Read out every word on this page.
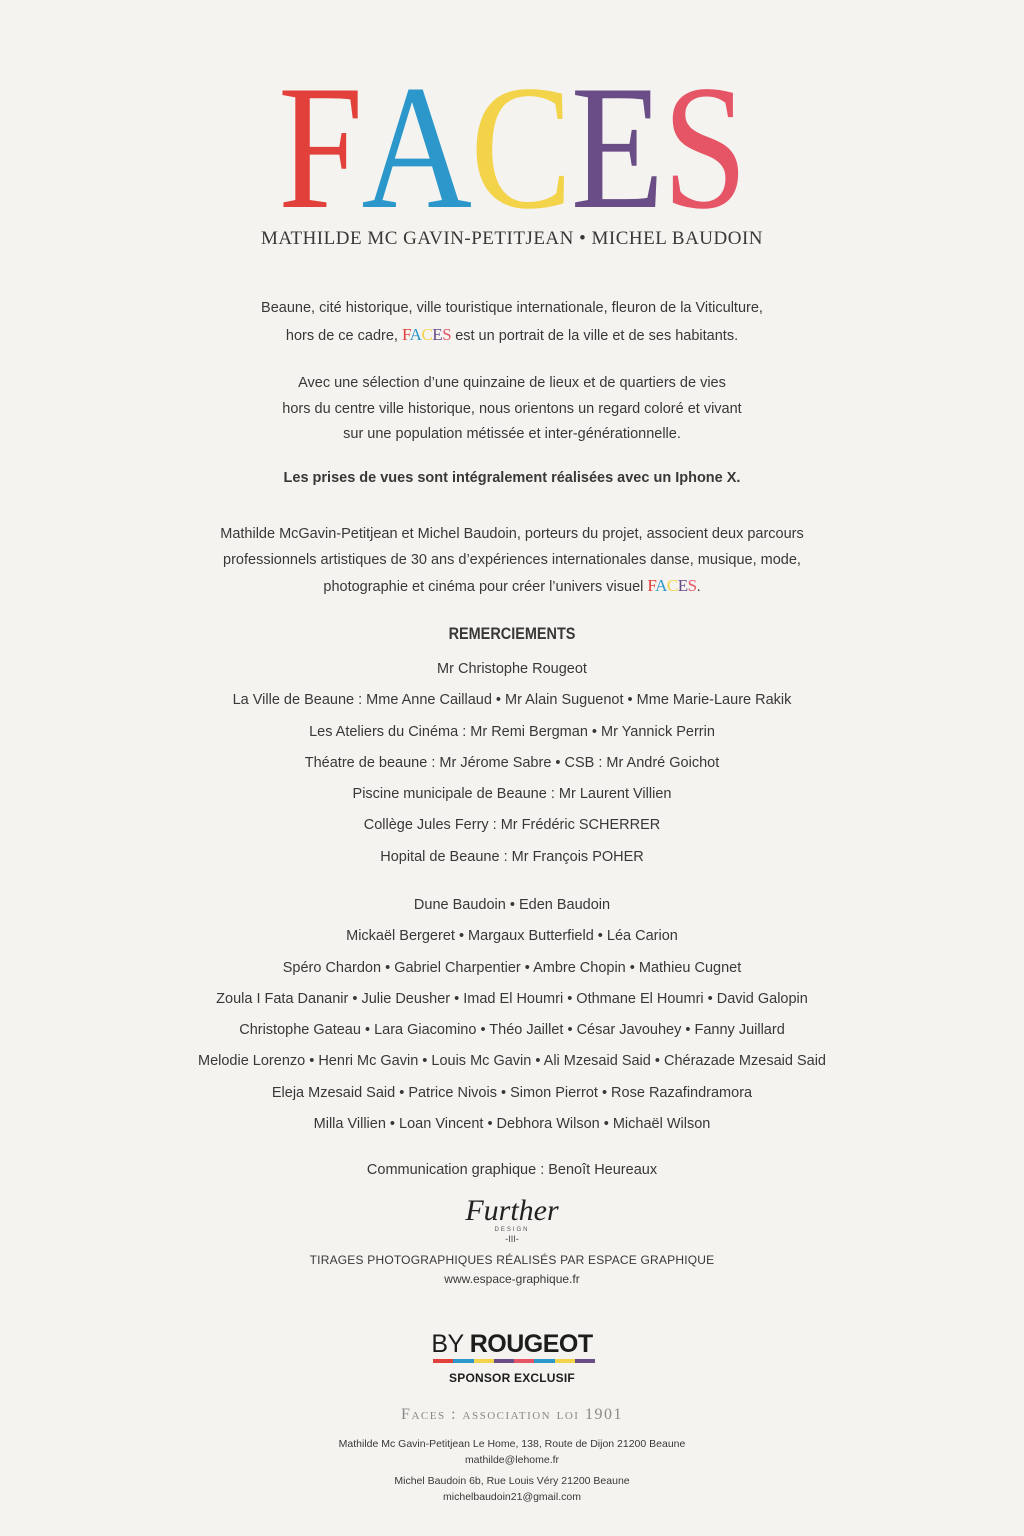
FACES
MATHILDE MC GAVIN-PETITJEAN • MICHEL BAUDOIN
Beaune, cité historique, ville touristique internationale, fleuron de la Viticulture,
hors de ce cadre, FACES est un portrait de la ville et de ses habitants.
Avec une sélection d’une quinzaine de lieux et de quartiers de vies
hors du centre ville historique, nous orientons un regard coloré et vivant
sur une population métissée et inter-générationnelle.
Les prises de vues sont intégralement réalisées avec un Iphone X.
Mathilde McGavin-Petitjean et Michel Baudoin, porteurs du projet, associent deux parcours
professionnels artistiques de 30 ans d’expériences internationales danse, musique, mode,
photographie et cinéma pour créer l’univers visuel FACES.
REMERCIEMENTS
Mr Christophe Rougeot
La Ville de Beaune : Mme Anne Caillaud • Mr Alain Suguenot • Mme Marie-Laure Rakik
Les Ateliers du Cinéma : Mr Remi Bergman • Mr Yannick Perrin
Théatre de beaune : Mr Jérome Sabre • CSB : Mr André Goichot
Piscine municipale de Beaune : Mr Laurent Villien
Collège Jules Ferry : Mr Frédéric SCHERRER
Hopital de Beaune : Mr François POHER
Dune Baudoin • Eden Baudoin
Mickaël Bergeret • Margaux Butterfield • Léa Carion
Spéro Chardon • Gabriel Charpentier • Ambre Chopin • Mathieu Cugnet
Zoula I Fata Dananir • Julie Deusher • Imad El Houmri • Othmane El Houmri • David Galopin
Christophe Gateau • Lara Giacomino • Théo Jaillet • César Javouhey • Fanny Juillard
Melodie Lorenzo • Henri Mc Gavin • Louis Mc Gavin • Ali Mzesaid Said • Chérazade Mzesaid Said
Eleja Mzesaid Said • Patrice Nivois • Simon Pierrot • Rose Razafindramora
Milla Villien • Loan Vincent • Debhora Wilson • Michaël Wilson
Communication graphique : Benoît Heureaux
Further
DESIGN
-III-
TIRAGES PHOTOGRAPHIQUES RÉALISÉS PAR ESPACE GRAPHIQUE
www.espace-graphique.fr
BY ROUGEOT
SPONSOR EXCLUSIF
Faces : association loi 1901
Mathilde Mc Gavin-Petitjean Le Home, 138, Route de Dijon 21200 Beaune
mathilde@lehome.fr
Michel Baudoin 6b, Rue Louis Véry 21200 Beaune
michelbaudoin21@gmail.com
